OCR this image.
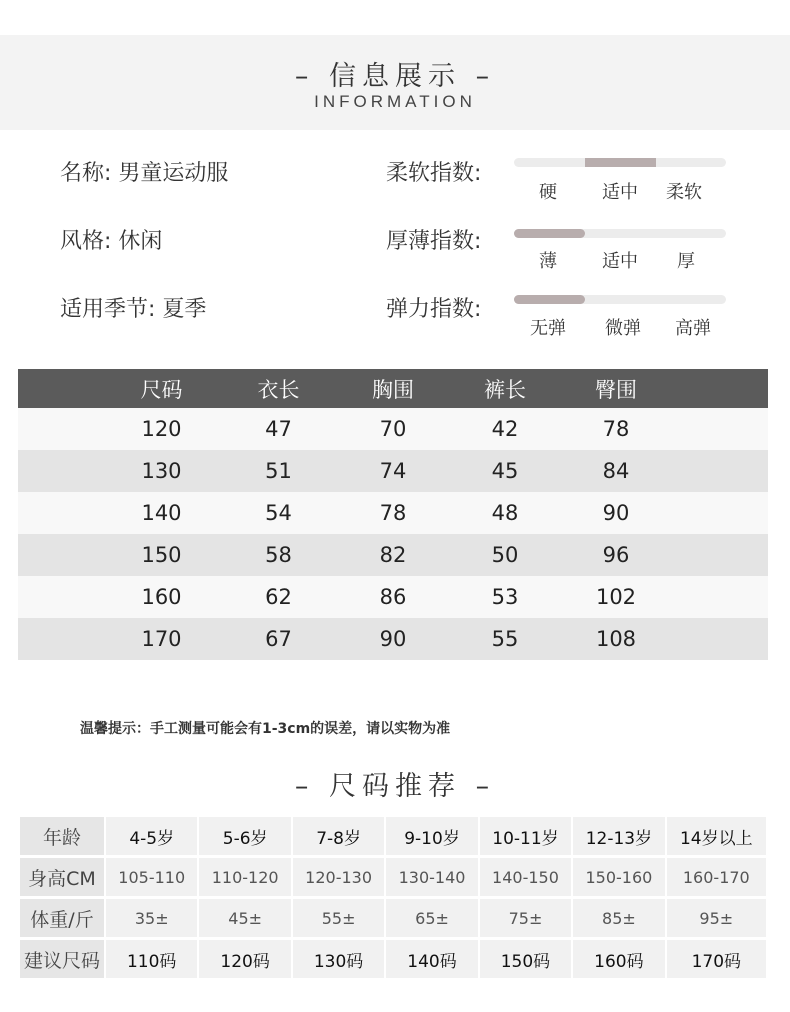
– 信息展示 –
INFORMATION
名称: 男童运动服
风格: 休闲
适用季节: 夏季
柔软指数:
硬	适中	柔软
厚薄指数:
薄	适中	厚
弹力指数:
无弹	微弹	高弹
	尺码	衣长	胸围	裤长	臀围	
	120	47	70	42	78	
	130	51	74	45	84	
	140	54	78	48	90	
	150	58	82	50	96	
	160	62	86	53	102	
	170	67	90	55	108	
温馨提示：手工测量可能会有1-3cm的误差，请以实物为准
– 尺码推荐 –
年龄	4-5岁	5-6岁	7-8岁	9-10岁	10-11岁	12-13岁	14岁以上
身高CM	105-110	110-120	120-130	130-140	140-150	150-160	160-170
体重/斤	35±	45±	55±	65±	75±	85±	95±
建议尺码	110码	120码	130码	140码	150码	160码	170码
